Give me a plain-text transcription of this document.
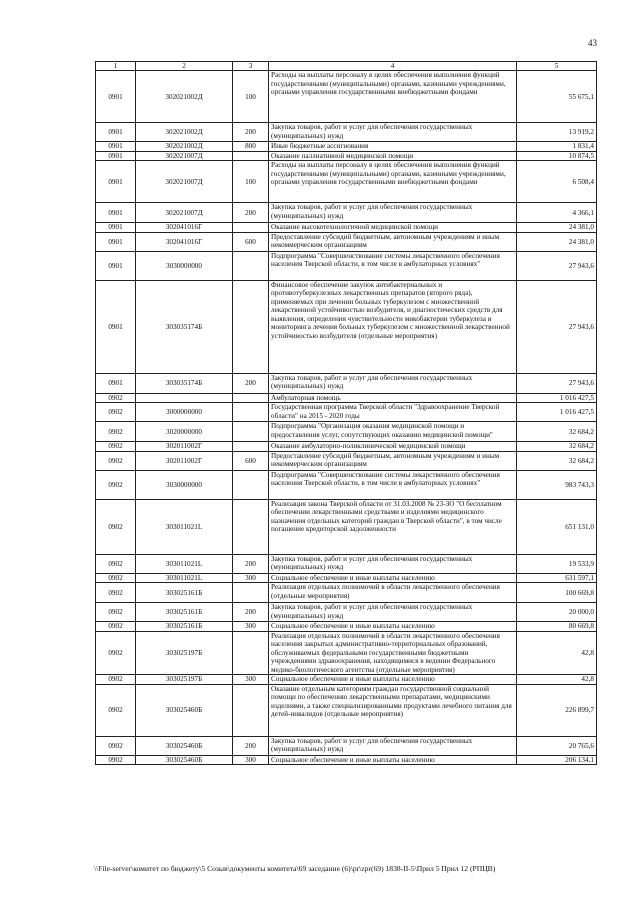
43
1	2	3	4	5
0901	302021002Д	100	Расходы на выплаты персоналу в целях обеспечения выполнения функций государственными (муниципальными) органами, казенными учреждениями, органами управления государственными внебюджетными фондами	55 675,1
0901	302021002Д	200	Закупка товаров, работ и услуг для обеспечения государственных (муниципальных) нужд	13 919,2
0901	302021002Д	800	Иные бюджетные ассигнования	1 831,4
0901	302021007Д		Оказание паллиативной медицинской помощи	10 874,5
0901	302021007Д	100	Расходы на выплаты персоналу в целях обеспечения выполнения функций государственными (муниципальными) органами, казенными учреждениями, органами управления государственными внебюджетными фондами	6 508,4
0901	302021007Д	200	Закупка товаров, работ и услуг для обеспечения государственных (муниципальных) нужд	4 366,1
0901	302041016Г		Оказание высокотехнологичной медицинской помощи	24 381,0
0901	302041016Г	600	Предоставление субсидий бюджетным, автономным учреждениям и иным некоммерческим организациям	24 381,0
0901	3030000000		Подпрограмма "Совершенствование системы лекарственного обеспечения населения Тверской области, в том числе в амбулаторных условиях"	27 943,6
0901	303035174Б		Финансовое обеспечение закупок антибактериальных и противотуберкулезных лекарственных препаратов (второго ряда), применяемых при лечении больных туберкулезом с множественной лекарственной устойчивостью возбудителя, и диагностических средств для выявления, определения чувствительности микобактерии туберкулеза и мониторинга лечения больных туберкулезом с множественной лекарственной устойчивостью возбудителя (отдельные мероприятия)	27 943,6
0901	303035174Б	200	Закупка товаров, работ и услуг для обеспечения государственных (муниципальных) нужд	27 943,6
0902			Амбулаторная помощь	1 016 427,5
0902	3000000000		Государственная программа Тверской области "Здравоохранение Тверской области" на 2015 - 2020 годы	1 016 427,5
0902	3020000000		Подпрограмма "Организация оказания медицинской помощи и предоставления услуг, сопутствующих оказанию медицинской помощи"	32 684,2
0902	302011002Г		Оказание амбулаторно-поликлинической медицинской помощи	32 684,2
0902	302011002Г	600	Предоставление субсидий бюджетным, автономным учреждениям и иным некоммерческим организациям	32 684,2
0902	3030000000		Подпрограмма "Совершенствование системы лекарственного обеспечения населения Тверской области, в том числе в амбулаторных условиях"	983 743,3
0902	303011021L		Реализация закона Тверской области от 31.03.2008 № 23-ЗО "О бесплатном обеспечении лекарственными средствами и изделиями медицинского назначения отдельных категорий граждан в Тверской области", в том числе погашение кредиторской задолженности	651 131,0
0902	303011021L	200	Закупка товаров, работ и услуг для обеспечения государственных (муниципальных) нужд	19 533,9
0902	303011021L	300	Социальное обеспечение и иные выплаты населению	631 597,1
0902	303025161Б		Реализация отдельных полномочий в области лекарственного обеспечения (отдельные мероприятия)	100 669,8
0902	303025161Б	200	Закупка товаров, работ и услуг для обеспечения государственных (муниципальных) нужд	20 000,0
0902	303025161Б	300	Социальное обеспечение и иные выплаты населению	80 669,8
0902	303025197Б		Реализация отдельных полномочий в области лекарственного обеспечения населения закрытых административно-территориальных образований, обслуживаемых федеральными государственными бюджетными учреждениями здравоохранения, находящимися в ведении Федерального медико-биологического агентства (отдельные мероприятия)	42,8
0902	303025197Б	300	Социальное обеспечение и иные выплаты населению	42,8
0902	303025460Б		Оказание отдельным категориям граждан государственной социальной помощи по обеспечению лекарственными препаратами, медицинскими изделиями, а также специализированными продуктами лечебного питания для детей-инвалидов (отдельные мероприятия)	226 899,7
0902	303025460Б	200	Закупка товаров, работ и услуг для обеспечения государственных (муниципальных) нужд	20 765,6
0902	303025460Б	300	Социальное обеспечение и иные выплаты населению	206 134,1
\\File-server\комитет по бюджету\5 Созыв\документы комитета\69 заседание (6)\pr\zpr(69) 1838-II-5\Прил 5 Прил 12 (РПЦВ)
